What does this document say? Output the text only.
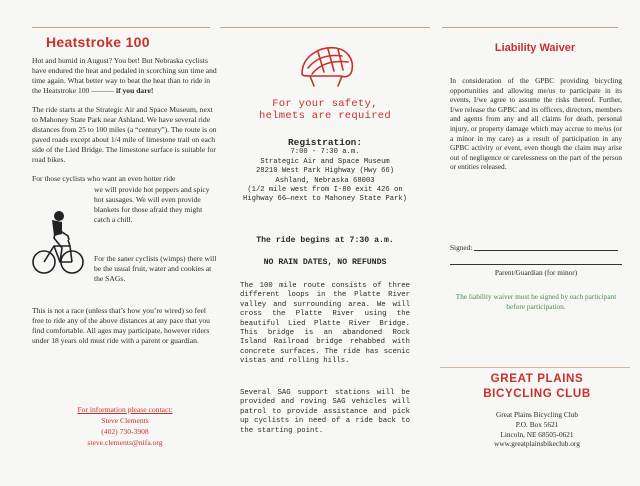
Heatstroke 100

Hot and humid in August? You bet! But Nebraska cyclists have endured the heat and pedaled in scorching sun time and time again. What better way to beat the heat than to ride in the Heatstroke 100 ——— if you dare!

The ride starts at the Strategic Air and Space Museum, next to Mahoney State Park near Ashland. We have several ride distances from 25 to 100 miles (a “century”). The route is on paved roads except about 1/4 mile of limestone trail on each side of the Lied Bridge. The limestone surface is suitable for road bikes.

For those cyclists who want an even hotter ride

we will provide hot peppers and spicy hot sausages. We will even provide blankets for those afraid they might catch a chill.

For the saner cyclists (wimps) there will be the usual fruit, water and cookies at the SAGs.

This is not a race (unless that’s how you’re wired) so feel free to ride any of the above distances at any pace that you find comfortable. All ages may participate, however riders under 18 years old must ride with a parent or guardian.

For information please contact:
Steve Clements
(402) 730-3908
steve.clements@nifa.org
For your safety,
helmets are required
Registration:
7:00 - 7:30 a.m.
Strategic Air and Space Museum
28210 West Park Highway (Hwy 66)
Ashland, Nebraska 68003
(1/2 mile west from I-80 exit 426 on Highway 66—next to Mahoney State Park)
The ride begins at 7:30 a.m.
NO RAIN DATES, NO REFUNDS
The 100 mile route consists of three different loops in the Platte River valley and surrounding area. We will cross the Platte River using the beautiful Lied Platte River Bridge. This bridge is an abandoned Rock Island Railroad bridge rehabbed with concrete surfaces. The ride has scenic vistas and rolling hills.
Several SAG support stations will be provided and roving SAG vehicles will patrol to provide assistance and pick up cyclists in need of a ride back to the starting point.
Liability Waiver
In consideration of the GPBC providing bicycling opportunities and allowing me/us to participate in its events, I/we agree to assume the risks thereof. Further, I/we release the GPBC and its officers, directors, members and agents from any and all claims for death, personal injury, or property damage which may accrue to me/us (or a minor in my care) as a result of participation in any GPBC activity or event, even though the claim may arise out of negligence or carelessness on the part of the person or entities released.
Signed:
Parent/Guardian (for minor)
The liability waiver must be signed by each participant before participation.
GREAT PLAINS
BICYCLING CLUB
Great Plains Bicycling Club
P.O. Box 5621
Lincoln, NE 68505-0621
www.greatplainsbikeclub.org
